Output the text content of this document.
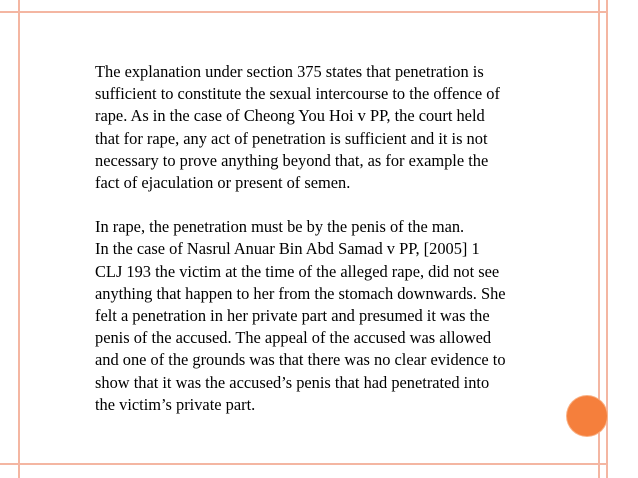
The explanation under section 375 states that penetration is
sufficient to constitute the sexual intercourse to the offence of
rape. As in the case of Cheong You Hoi v PP, the court held
that for rape, any act of penetration is sufficient and it is not
necessary to prove anything beyond that, as for example the
fact of ejaculation or present of semen.

In rape, the penetration must be by the penis of the man.
In the case of Nasrul Anuar Bin Abd Samad v PP, [2005] 1
CLJ 193 the victim at the time of the alleged rape, did not see
anything that happen to her from the stomach downwards. She
felt a penetration in her private part and presumed it was the
penis of the accused. The appeal of the accused was allowed
and one of the grounds was that there was no clear evidence to
show that it was the accused’s penis that had penetrated into
the victim’s private part.
